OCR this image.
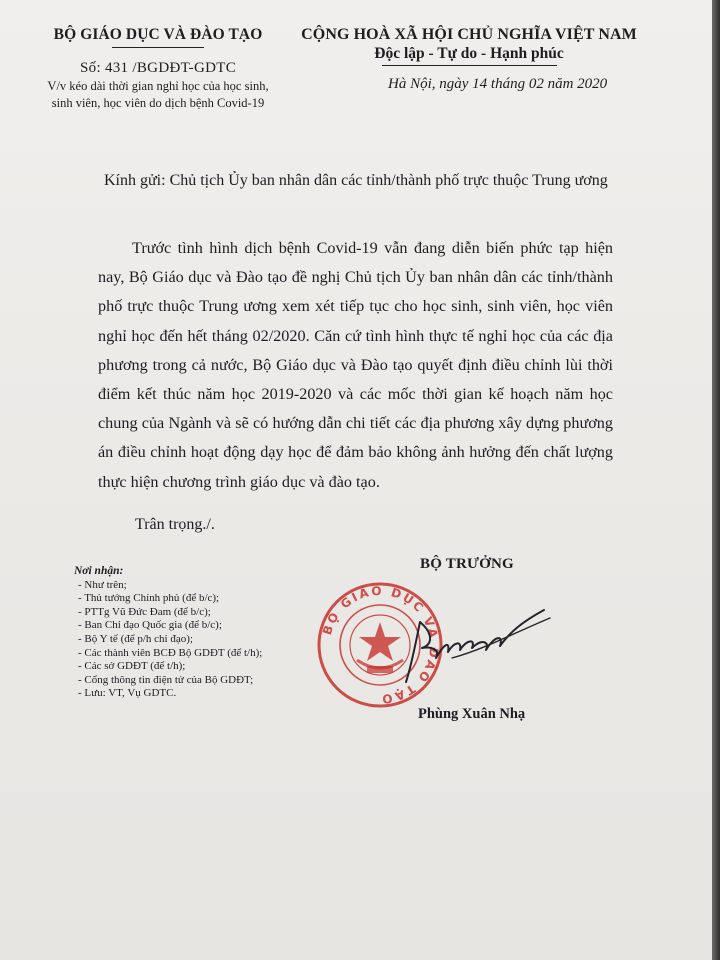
BỘ GIÁO DỤC VÀ ĐÀO TẠO
Số: 431 /BGDĐT-GDTC
V/v kéo dài thời gian nghỉ học của học sinh,
sinh viên, học viên do dịch bệnh Covid-19
CỘNG HOÀ XÃ HỘI CHỦ NGHĨA VIỆT NAM
Độc lập - Tự do - Hạnh phúc
Hà Nội, ngày 14 tháng 02 năm 2020
Kính gửi: Chủ tịch Ủy ban nhân dân các tỉnh/thành phố trực thuộc Trung ương

Trước tình hình dịch bệnh Covid-19 vẫn đang diễn biến phức tạp hiện nay, Bộ Giáo dục và Đào tạo đề nghị Chủ tịch Ủy ban nhân dân các tỉnh/thành phố trực thuộc Trung ương xem xét tiếp tục cho học sinh, sinh viên, học viên nghỉ học đến hết tháng 02/2020. Căn cứ tình hình thực tế nghỉ học của các địa phương trong cả nước, Bộ Giáo dục và Đào tạo quyết định điều chỉnh lùi thời điểm kết thúc năm học 2019-2020 và các mốc thời gian kế hoạch năm học chung của Ngành và sẽ có hướng dẫn chi tiết các địa phương xây dựng phương án điều chỉnh hoạt động dạy học để đảm bảo không ảnh hưởng đến chất lượng thực hiện chương trình giáo dục và đào tạo.

Trân trọng./.
Nơi nhận:
- Như trên;
- Thủ tướng Chính phủ (để b/c);
- PTTg Vũ Đức Đam (để b/c);
- Ban Chỉ đạo Quốc gia (để b/c);
- Bộ Y tế (để p/h chỉ đạo);
- Các thành viên BCĐ Bộ GDĐT (để t/h);
- Các sở GDĐT (để t/h);
- Cổng thông tin điện tử của Bộ GDĐT;
- Lưu: VT, Vụ GDTC.
BỘ TRƯỞNG
BỘ GIÁO DỤC VÀ ĐÀO TẠO
Phùng Xuân Nhạ
